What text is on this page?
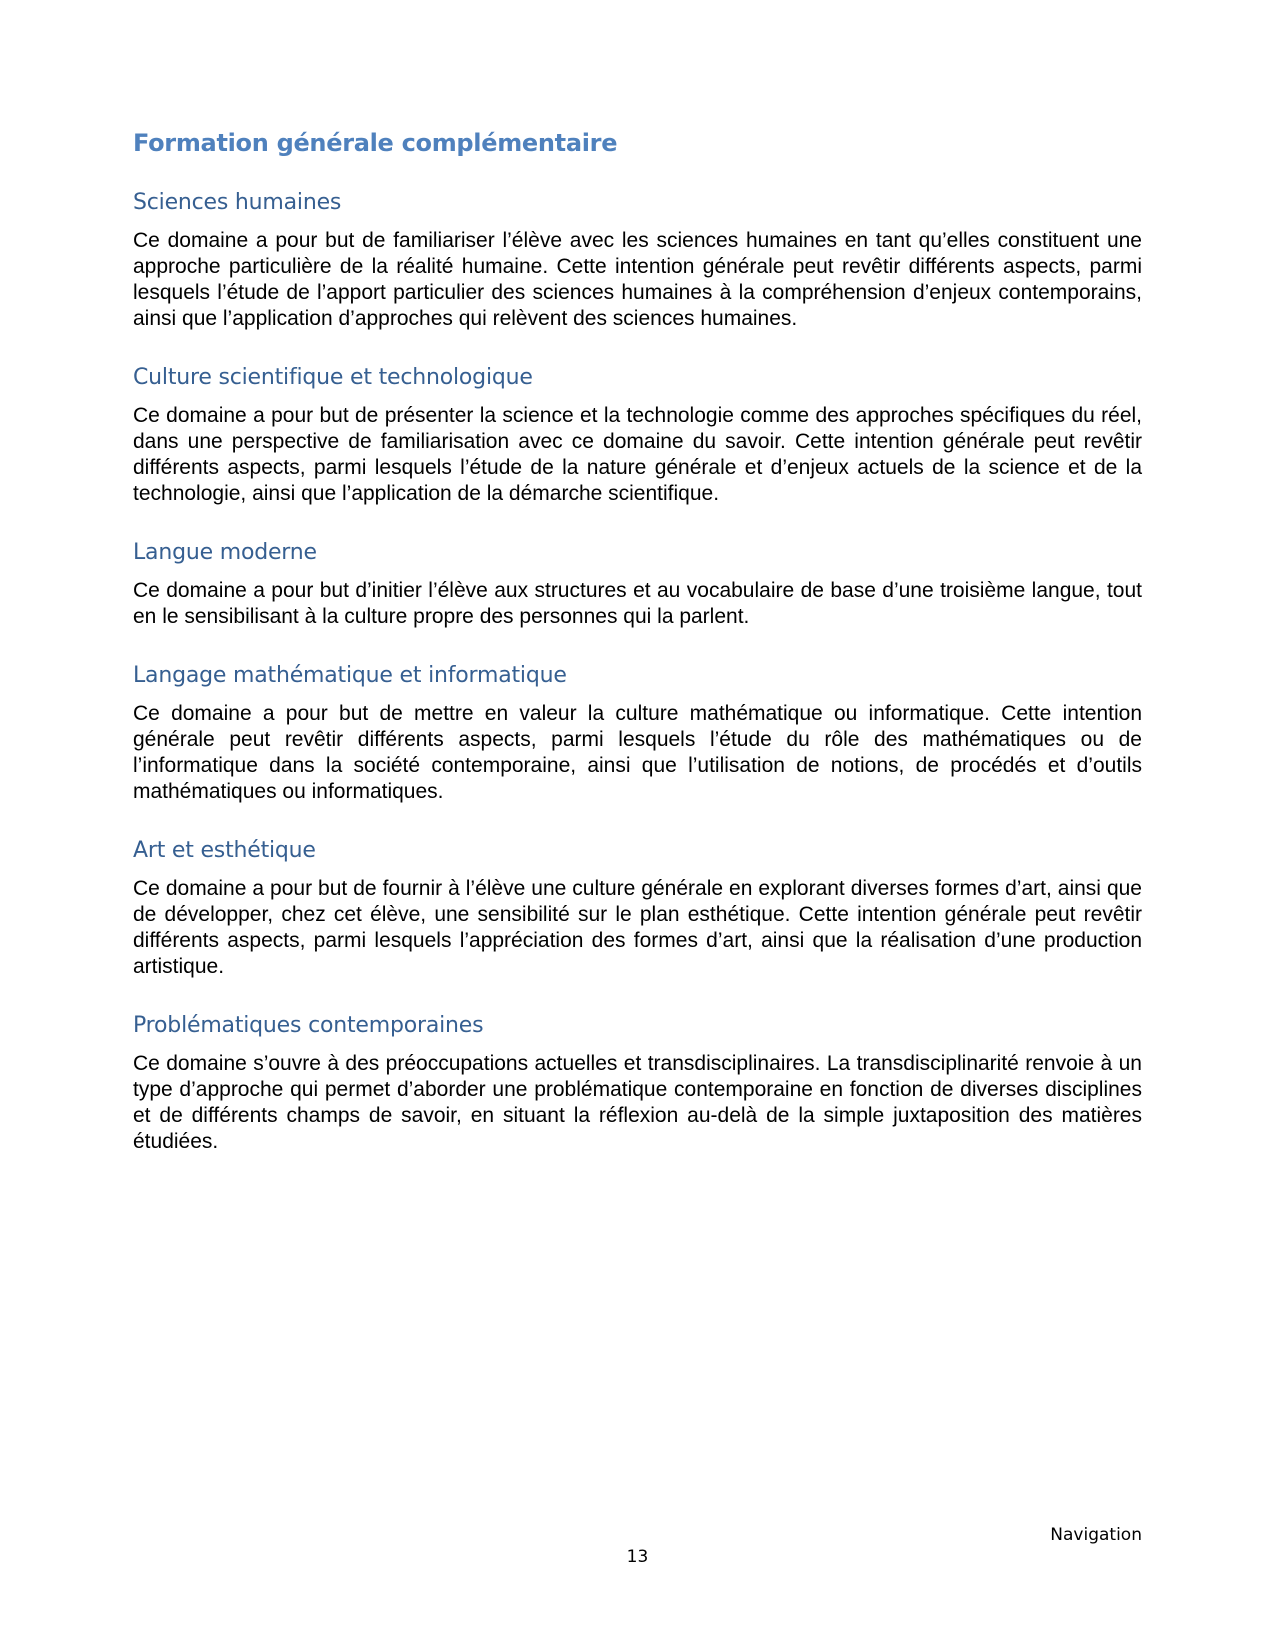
Formation générale complémentaire
Sciences humaines

Ce domaine a pour but de familiariser l’élève avec les sciences humaines en tant qu’elles constituent une approche particulière de la réalité humaine. Cette intention générale peut revêtir différents aspects, parmi lesquels l’étude de l’apport particulier des sciences humaines à la compréhension d’enjeux contemporains, ainsi que l’application d’approches qui relèvent des sciences humaines.

Culture scientifique et technologique

Ce domaine a pour but de présenter la science et la technologie comme des approches spécifiques du réel, dans une perspective de familiarisation avec ce domaine du savoir. Cette intention générale peut revêtir différents aspects, parmi lesquels l’étude de la nature générale et d’enjeux actuels de la science et de la technologie, ainsi que l’application de la démarche scientifique.

Langue moderne

Ce domaine a pour but d’initier l’élève aux structures et au vocabulaire de base d’une troisième langue, tout en le sensibilisant à la culture propre des personnes qui la parlent.

Langage mathématique et informatique

Ce domaine a pour but de mettre en valeur la culture mathématique ou informatique. Cette intention générale peut revêtir différents aspects, parmi lesquels l’étude du rôle des mathématiques ou de l’informatique dans la société contemporaine, ainsi que l’utilisation de notions, de procédés et d’outils mathématiques ou informatiques.

Art et esthétique

Ce domaine a pour but de fournir à l’élève une culture générale en explorant diverses formes d’art, ainsi que de développer, chez cet élève, une sensibilité sur le plan esthétique. Cette intention générale peut revêtir différents aspects, parmi lesquels l’appréciation des formes d’art, ainsi que la réalisation d’une production artistique.

Problématiques contemporaines

Ce domaine s’ouvre à des préoccupations actuelles et transdisciplinaires. La transdisciplinarité renvoie à un type d’approche qui permet d’aborder une problématique contemporaine en fonction de diverses disciplines et de différents champs de savoir, en situant la réflexion au-delà de la simple juxtaposition des matières étudiées.

Navigation
13
